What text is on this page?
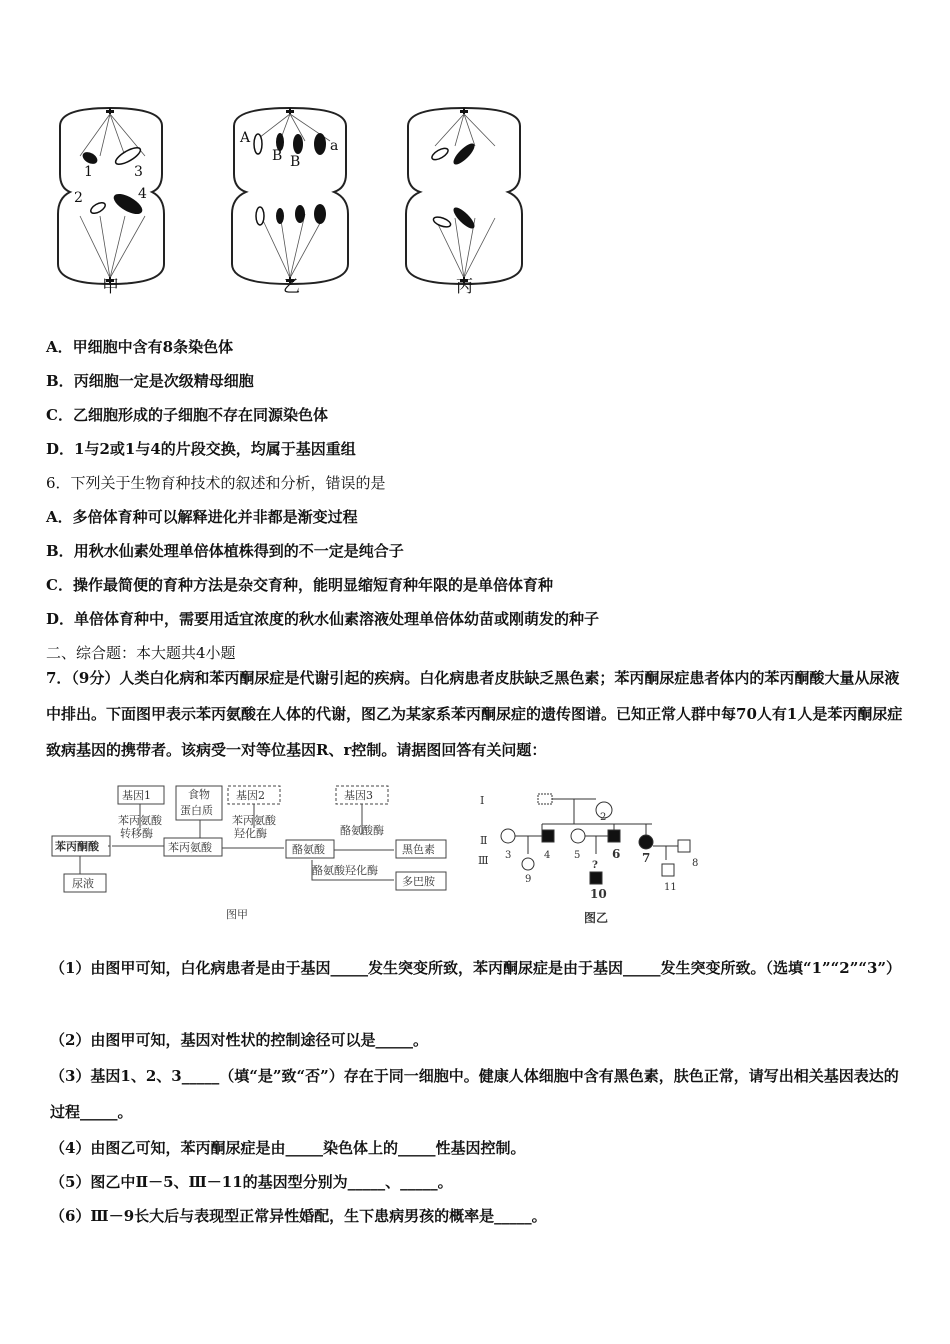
1
2
3
4
A
B B
a
甲	乙	丙
A．甲细胞中含有8条染色体
B．丙细胞一定是次级精母细胞
C．乙细胞形成的子细胞不存在同源染色体
D．1与2或1与4的片段交换，均属于基因重组
6．下列关于生物育种技术的叙述和分析，错误的是
A．多倍体育种可以解释进化并非都是渐变过程
B．用秋水仙素处理单倍体植株得到的不一定是纯合子
C．操作最简便的育种方法是杂交育种，能明显缩短育种年限的是单倍体育种
D．单倍体育种中，需要用适宜浓度的秋水仙素溶液处理单倍体幼苗或刚萌发的种子
二、综合题：本大题共4小题
7．（9分）人类白化病和苯丙酮尿症是代谢引起的疾病。白化病患者皮肤缺乏黑色素；苯丙酮尿症患者体内的苯丙酮酸大量从尿液中排出。下面图甲表示苯丙氨酸在人体的代谢，图乙为某家系苯丙酮尿症的遗传图谱。已知正常人群中每70人有1人是苯丙酮尿症致病基因的携带者。该病受一对等位基因R、r控制。请据图回答有关问题：
基因1	食物
蛋白质
基因2	基因3
苯丙氨酸
转移酶
苯丙氨酸
羟化酶	酪氨酸酶
酪氨酸羟化酶
苯丙酮酸	苯丙氨酸	酪氨酸	黑色素
尿液	多巴胺
图甲
Ⅰ
Ⅱ
Ⅲ
2
3	4 5	6 7	8
9
?
10	11
图乙
（1）由图甲可知，白化病患者是由于基因_____发生突变所致，苯丙酮尿症是由于基因_____发生突变所致。（选填“1”“2”“3”）
（2）由图甲可知，基因对性状的控制途径可以是_____。
（3）基因1、2、3_____（填“是”致“否”）存在于同一细胞中。健康人体细胞中含有黑色素，肤色正常，请写出相关基因表达的过程_____。
（4）由图乙可知，苯丙酮尿症是由_____染色体上的_____性基因控制。
（5）图乙中Ⅱ－5、Ⅲ－11的基因型分别为_____、_____。
（6）Ⅲ－9长大后与表现型正常异性婚配，生下患病男孩的概率是_____。
